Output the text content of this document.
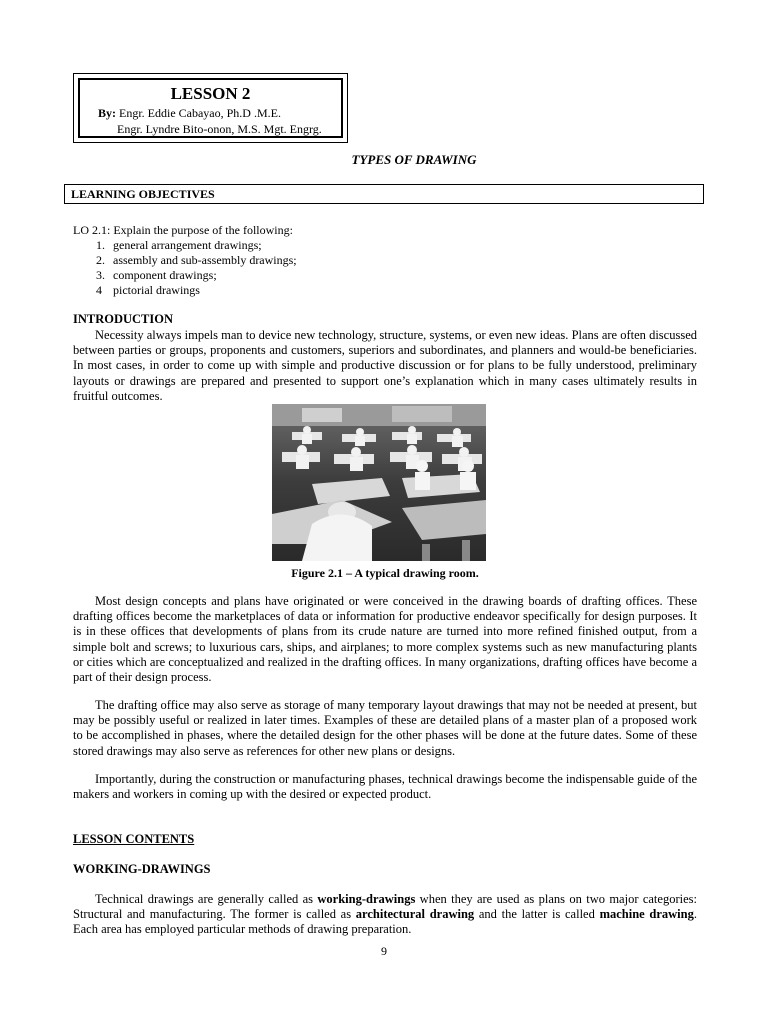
LESSON 2
By: Engr. Eddie Cabayao, Ph.D .M.E.
Engr. Lyndre Bito-onon, M.S. Mgt. Engrg.
TYPES OF DRAWING
LEARNING OBJECTIVES
LO 2.1: Explain the purpose of the following:
1. general arrangement drawings;
2. assembly and sub-assembly drawings;
3. component drawings;
4 pictorial drawings
INTRODUCTION

Necessity always impels man to device new technology, structure, systems, or even new ideas. Plans are often discussed between parties or groups, proponents and customers, superiors and subordinates, and planners and would-be beneficiaries. In most cases, in order to come up with simple and productive discussion or for plans to be fully understood, preliminary layouts or drawings are prepared and presented to support one’s explanation which in many cases ultimately results in fruitful outcomes.

Figure 2.1 – A typical drawing room.

Most design concepts and plans have originated or were conceived in the drawing boards of drafting offices. These drafting offices become the marketplaces of data or information for productive endeavor specifically for design purposes. It is in these offices that developments of plans from its crude nature are turned into more refined finished output, from a simple bolt and screws; to luxurious cars, ships, and airplanes; to more complex systems such as new manufacturing plants or cities which are conceptualized and realized in the drafting offices. In many organizations, drafting offices have become a part of their design process.

The drafting office may also serve as storage of many temporary layout drawings that may not be needed at present, but may be possibly useful or realized in later times. Examples of these are detailed plans of a master plan of a proposed work to be accomplished in phases, where the detailed design for the other phases will be done at the future dates. Some of these stored drawings may also serve as references for other new plans or designs.

Importantly, during the construction or manufacturing phases, technical drawings become the indispensable guide of the makers and workers in coming up with the desired or expected product.

LESSON CONTENTS
WORKING-DRAWINGS

Technical drawings are generally called as working-drawings when they are used as plans on two major categories: Structural and manufacturing. The former is called as architectural drawing and the latter is called machine drawing. Each area has employed particular methods of drawing preparation.

9
